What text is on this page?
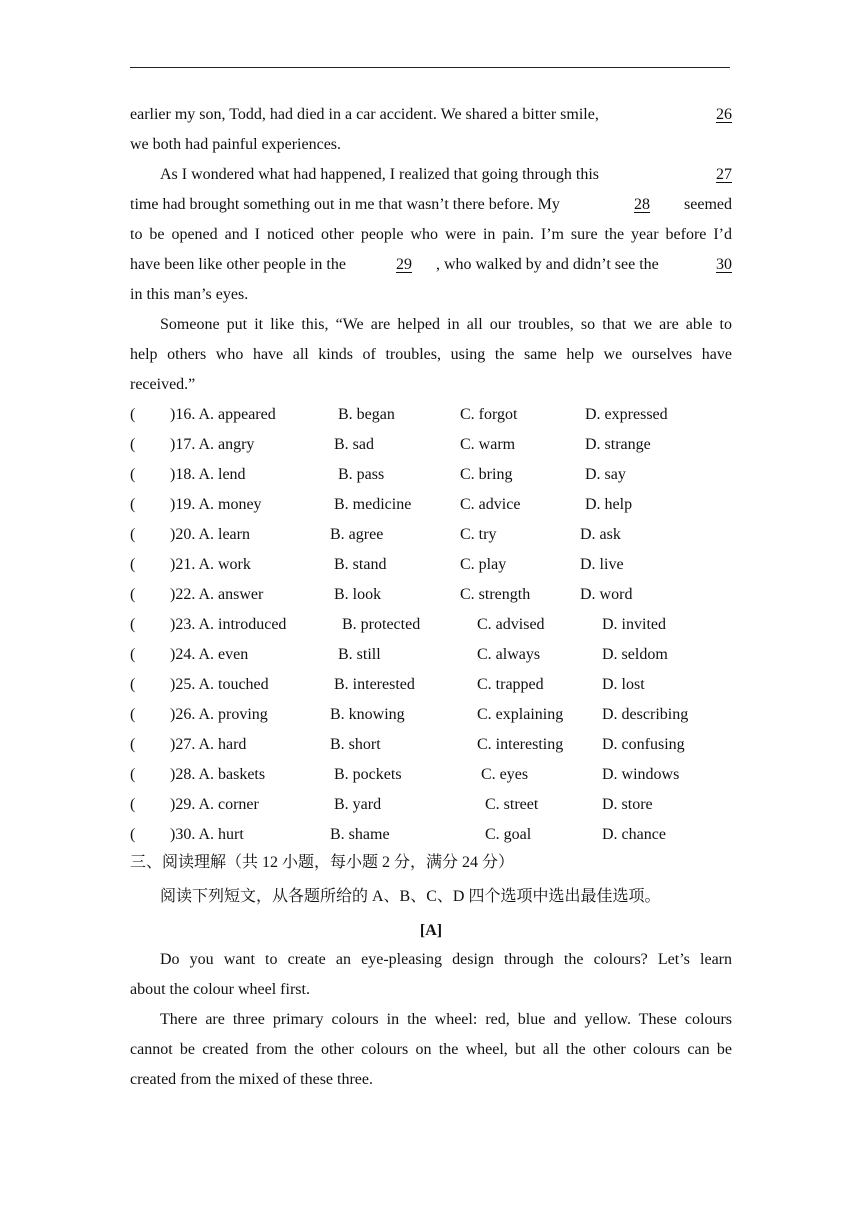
earlier my son, Todd, had died in a car accident. We shared a bitter smile,	26
we both had painful experiences.
As I wondered what had happened, I realized that going through this	27
time had brought something out in me that wasn’t there before. My	28	seemed
to be opened and I noticed other people who were in pain. I’m sure the year before I’d
have been like other people in the	29	, who walked by and didn’t see the	30
in this man’s eyes.
Someone put it like this, “We are helped in all our troubles, so that we are able to
help others who have all kinds of troubles, using the same help we ourselves have
received.”
( )16. A. appeared	B. began	C. forgot	D. expressed
( )17. A. angry	B. sad	C. warm	D. strange
( )18. A. lend	B. pass	C. bring	D. say
( )19. A. money	B. medicine	C. advice	D. help
( )20. A. learn	B. agree	C. try	D. ask
( )21. A. work	B. stand	C. play	D. live
( )22. A. answer	B. look	C. strength	D. word
( )23. A. introduced	B. protected	C. advised	D. invited
( )24. A. even	B. still	C. always	D. seldom
( )25. A. touched	B. interested	C. trapped	D. lost
( )26. A. proving	B. knowing	C. explaining D. describing
( )27. A. hard	B. short	C. interesting D. confusing
( )28. A. baskets	B. pockets	C. eyes	D. windows
( )29. A. corner	B. yard	C. street	D. store
( )30. A. hurt	B. shame	C. goal	D. chance
三、阅读理解（共 12 小题，每小题 2 分，满分 24 分）
阅读下列短文，从各题所给的 A、B、C、D 四个选项中选出最佳选项。
[A]
Do you want to create an eye-pleasing design through the colours? Let’s learn
about the colour wheel first.
There are three primary colours in the wheel: red, blue and yellow. These colours
cannot be created from the other colours on the wheel, but all the other colours can be
created from the mixed of these three.
